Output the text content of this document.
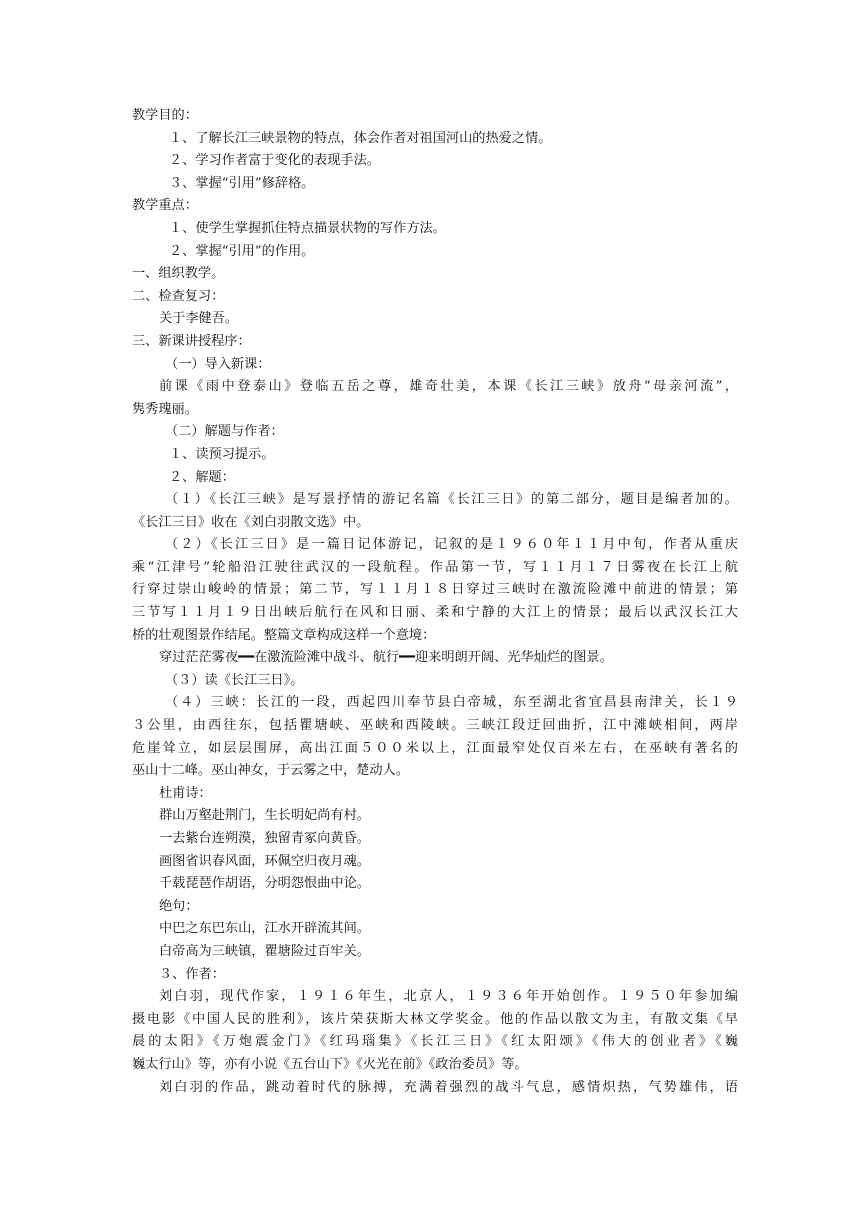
教学目的：
１、了解长江三峡景物的特点，体会作者对祖国河山的热爱之情。
２、学习作者富于变化的表现手法。
３、掌握“引用”修辞格。
教学重点：
１、使学生掌握抓住特点描景状物的写作方法。
２、掌握“引用”的作用。
一、组织教学。
二、检查复习：
关于李健吾。
三、新课讲授程序：
（一）导入新课：
前课《雨中登泰山》登临五岳之尊，雄奇壮美，本课《长江三峡》放舟“母亲河流”，
隽秀瑰丽。
（二）解题与作者：
１、读预习提示。
２、解题：
（１）《长江三峡》是写景抒情的游记名篇《长江三日》的第二部分，题目是编者加的。
《长江三日》收在《刘白羽散文选》中。
（２）《长江三日》是一篇日记体游记，记叙的是１９６０年１１月中旬，作者从重庆
乘“江津号”轮船沿江驶往武汉的一段航程。作品第一节，写１１月１７日雾夜在长江上航
行穿过崇山峻岭的情景；第二节，写１１月１８日穿过三峡时在激流险滩中前进的情景；第
三节写１１月１９日出峡后航行在风和日丽、柔和宁静的大江上的情景；最后以武汉长江大
桥的壮观图景作结尾。整篇文章构成这样一个意境：
穿过茫茫雾夜━━在激流险滩中战斗、航行━━迎来明朗开阔、光华灿烂的图景。
（３）读《长江三日》。
（４）三峡：长江的一段，西起四川奉节县白帝城，东至湖北省宜昌县南津关，长１９
３公里，由西往东，包括瞿塘峡、巫峡和西陵峡。三峡江段迂回曲折，江中滩峡相间，两岸
危崖耸立，如层层围屏，高出江面５００米以上，江面最窄处仅百米左右，在巫峡有著名的
巫山十二峰。巫山神女，于云雾之中，楚动人。
杜甫诗：
群山万壑赴荆门，生长明妃尚有村。
一去紫台连朔漠，独留青冢向黄昏。
画图省识春风面，环佩空归夜月魂。
千载琵琶作胡语，分明怨恨曲中论。
绝句：
中巴之东巴东山，江水开辟流其间。
白帝高为三峡镇，瞿塘险过百牢关。
３、作者：
刘白羽，现代作家，１９１６年生，北京人，１９３６年开始创作。１９５０年参加编
摄电影《中国人民的胜利》，该片荣获斯大林文学奖金。他的作品以散文为主，有散文集《早
晨的太阳》《万炮震金门》《红玛瑙集》《长江三日》《红太阳颂》《伟大的创业者》《巍
巍太行山》等，亦有小说《五台山下》《火光在前》《政治委员》等。
刘白羽的作品，跳动着时代的脉搏，充满着强烈的战斗气息，感情炽热，气势雄伟，语
